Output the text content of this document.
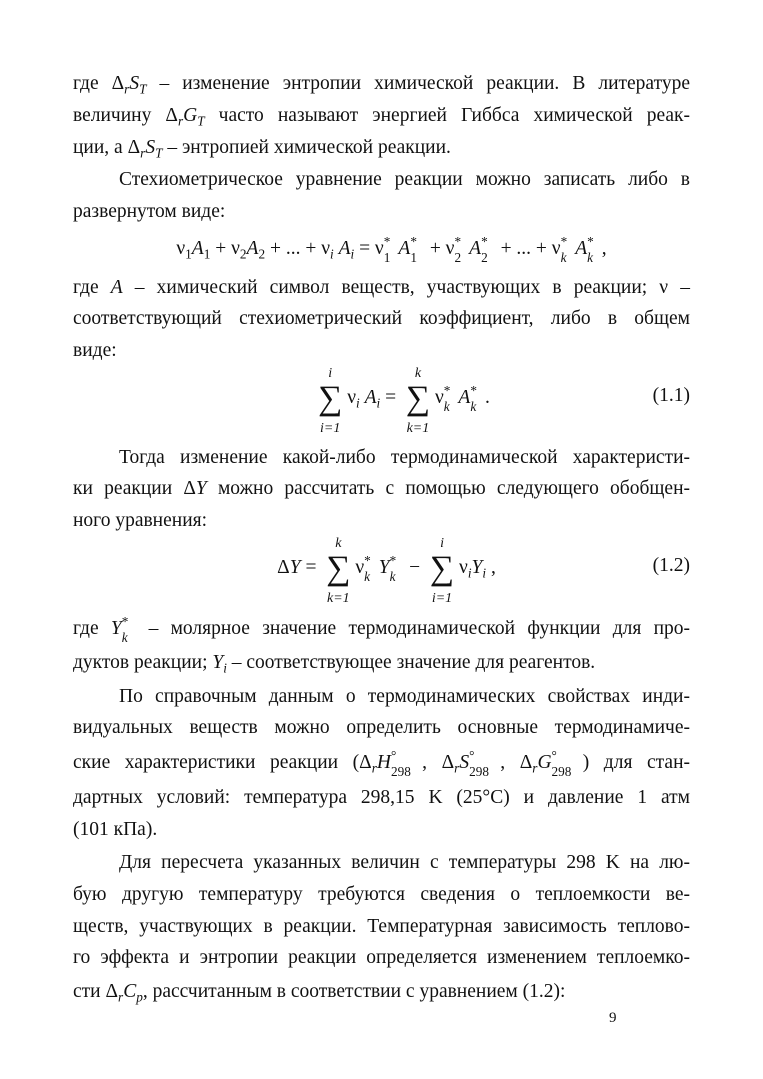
где $\Delta_rS_T$ – изменение энтропии химической реакции. В литературе
величину $\Delta_rG_T$ часто называют энергией Гиббса химической реак-
ции, а $\Delta_rS_T$ – энтропией химической реакции.
Стехиометрическое уравнение реакции можно записать либо в
развернутом виде:
$\nu_1A_1 + \nu_2A_2$ + ... + $\nu_i$ $A_i = \nu$ *
1 A *
1 + ν *
2 A *
2 + ... + ν *
k A *
k ,
где A – химический символ веществ, участвующих в реакции; ν –
соответствующий стехиометрический коэффициент, либо в общем
виде:
i
∑
i=1
$\nu_i$ $A_i$ =
k
∑
k=1
ν *
k A *
k .	(1.1)
Тогда изменение какой-либо термодинамической характеристи-
ки реакции ΔY можно рассчитать с помощью следующего обобщен-
ного уравнения:
ΔY =
k
∑
k=1
ν *
k Y *
k −
i
∑
i=1
$\nu_iY_i$ ,	(1.2)
где Y *
k – молярное значение термодинамической функции для про-
дуктов реакции; $Y_i$ – соответствующее значение для реагентов.
По справочным данным о термодинамических свойствах инди-
видуальных веществ можно определить основные термодинамиче-
ские характеристики реакции ($\Delta_rH$ °
298 , $\Delta_rS$ °
298 , $\Delta_rG$ °
298 ) для стан-
дартных условий: температура 298,15 K (25°C) и давление 1 атм
(101 кПа).
Для пересчета указанных величин с температуры 298 K на лю-
бую другую температуру требуются сведения о теплоемкости ве-
ществ, участвующих в реакции. Температурная зависимость теплово-
го эффекта и энтропии реакции определяется изменением теплоемко-
сти $\Delta_rC_p$, рассчитанным в соответствии с уравнением (1.2):
9
